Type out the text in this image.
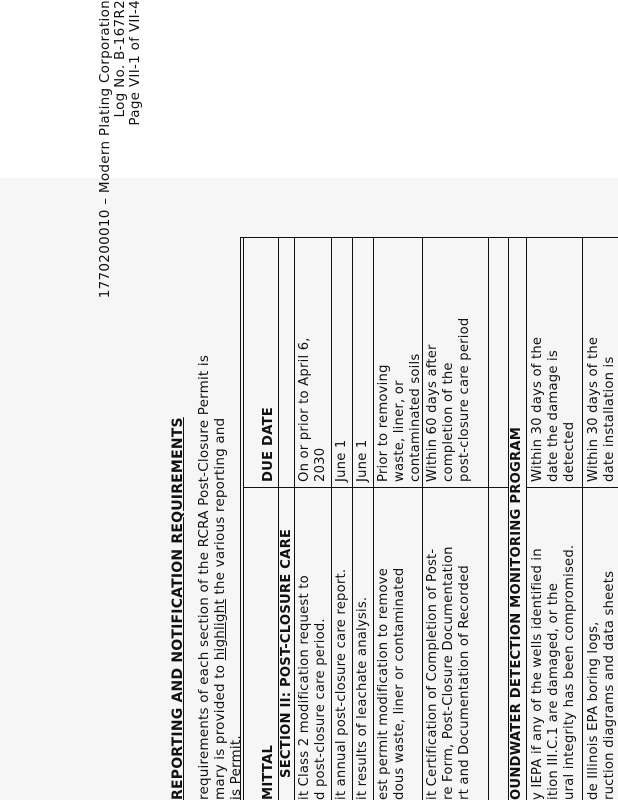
1770200010 – Modern Plating Corporation Log No. B-167R2 Page VII-1 of VII-4
REPORTING AND NOTIFICATION REQUIREMENTS requirements of each section of the RCRA Post-Closure Permit is mary is provided to highlight the various reporting and
is Permit. MITTAL
DUE DATE
SECTION II: POST-CLOSURE CARE it Class 2 modification request to d post-closure care period.
On or prior to April 6, 2030
it annual post-closure care report.
June 1
it results of leachate analysis.
June 1
est permit modification to remove dous waste, liner or contaminated
Prior to removing waste, liner, or contaminated soils
it Certification of Completion of Post- re Form, Post-Closure Documentation rt and Documentation of Recorded
Within 60 days after completion of the post-closure care period
OUNDWATER DETECTION MONITORING PROGRAM y IEPA if any of the wells identified in ition III.C.1 are damaged, or the ural integrity has been compromised.
Within 30 days of the date the damage is detected
de Illinois EPA boring logs, ruction diagrams and data sheets
Within 30 days of the date installation is
